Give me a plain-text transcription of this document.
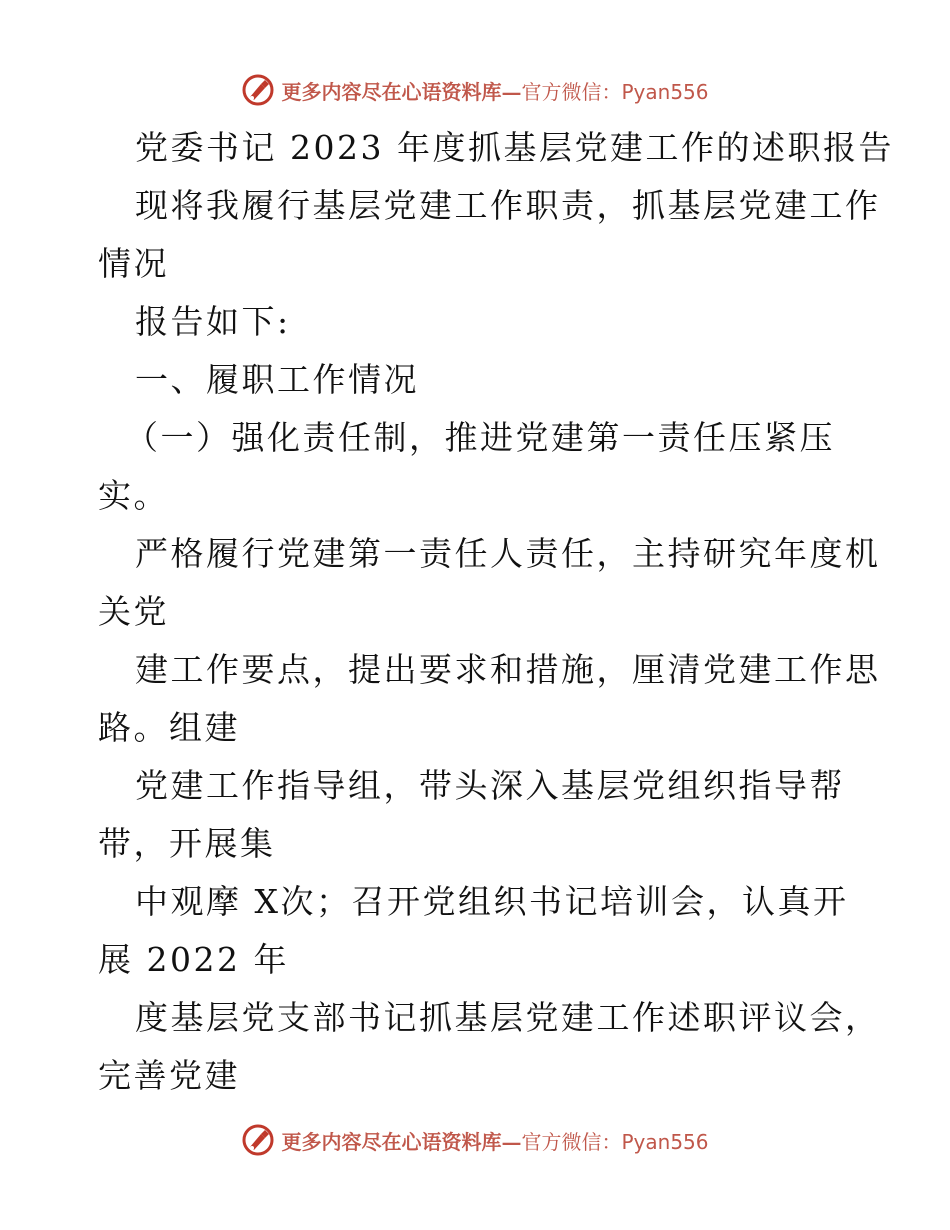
更多内容尽在心语资料库—官方微信：Pyan556
党委书记 2023 年度抓基层党建工作的述职报告
现将我履行基层党建工作职责，抓基层党建工作
情况
报告如下:
一、履职工作情况
（一）强化责任制，推进党建第一责任压紧压
实。
严格履行党建第一责任人责任，主持研究年度机
关党
建工作要点，提出要求和措施，厘清党建工作思
路。组建
党建工作指导组，带头深入基层党组织指导帮
带，开展集
中观摩 X次；召开党组织书记培训会，认真开
展 2022 年
度基层党支部书记抓基层党建工作述职评议会，
完善党建
更多内容尽在心语资料库—官方微信：Pyan556
